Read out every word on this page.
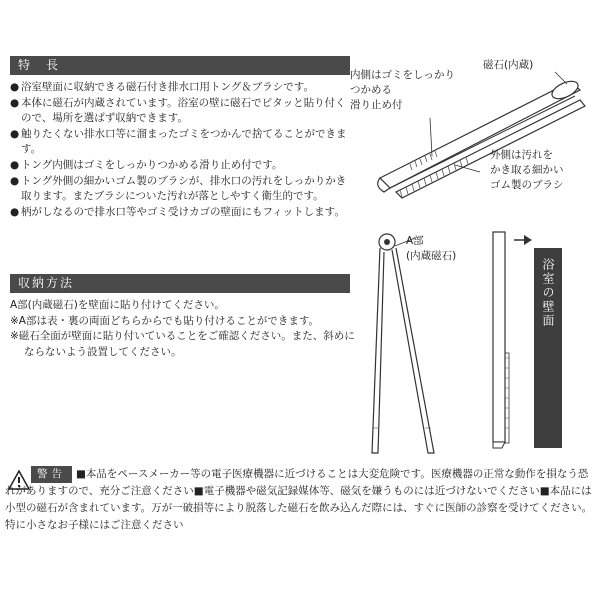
特　長
● 浴室壁面に収納できる磁石付き排水口用トング＆ブラシです。
● 本体に磁石が内蔵されています。浴室の壁に磁石でピタッと貼り付くので、場所を選ばず収納できます。
● 触りたくない排水口等に溜まったゴミをつかんで捨てることができます。
● トング内側はゴミをしっかりつかめる滑り止め付です。
● トング外側の細かいゴム製のブラシが、排水口の汚れをしっかりかき取ります。またブラシについた汚れが落としやすく衛生的です。
● 柄がしなるので排水口等やゴミ受けカゴの壁面にもフィットします。
収納方法
A部(内蔵磁石)を壁面に貼り付けてください。
※A部は表・裏の両面どちらからでも貼り付けることができます。
※磁石全面が壁面に貼り付いていることをご確認ください。また、斜めにならないよう設置してください。
磁石(内蔵)
内側はゴミをしっかり
つかめる
滑り止め付
外側は汚れを
かき取る細かい
ゴム製のブラシ
A部
(内蔵磁石)
浴室の壁面
警告 ■本品をペースメーカー等の電子医療機器に近づけることは大変危険です。医療機器の正常な動作を損なう恐れがありますので、充分ご注意ください■電子機器や磁気記録媒体等、磁気を嫌うものには近づけないでください■本品には小型の磁石が含まれています。万が一破損等により脱落した磁石を飲み込んだ際には、すぐに医師の診察を受けてください。特に小さなお子様にはご注意ください
